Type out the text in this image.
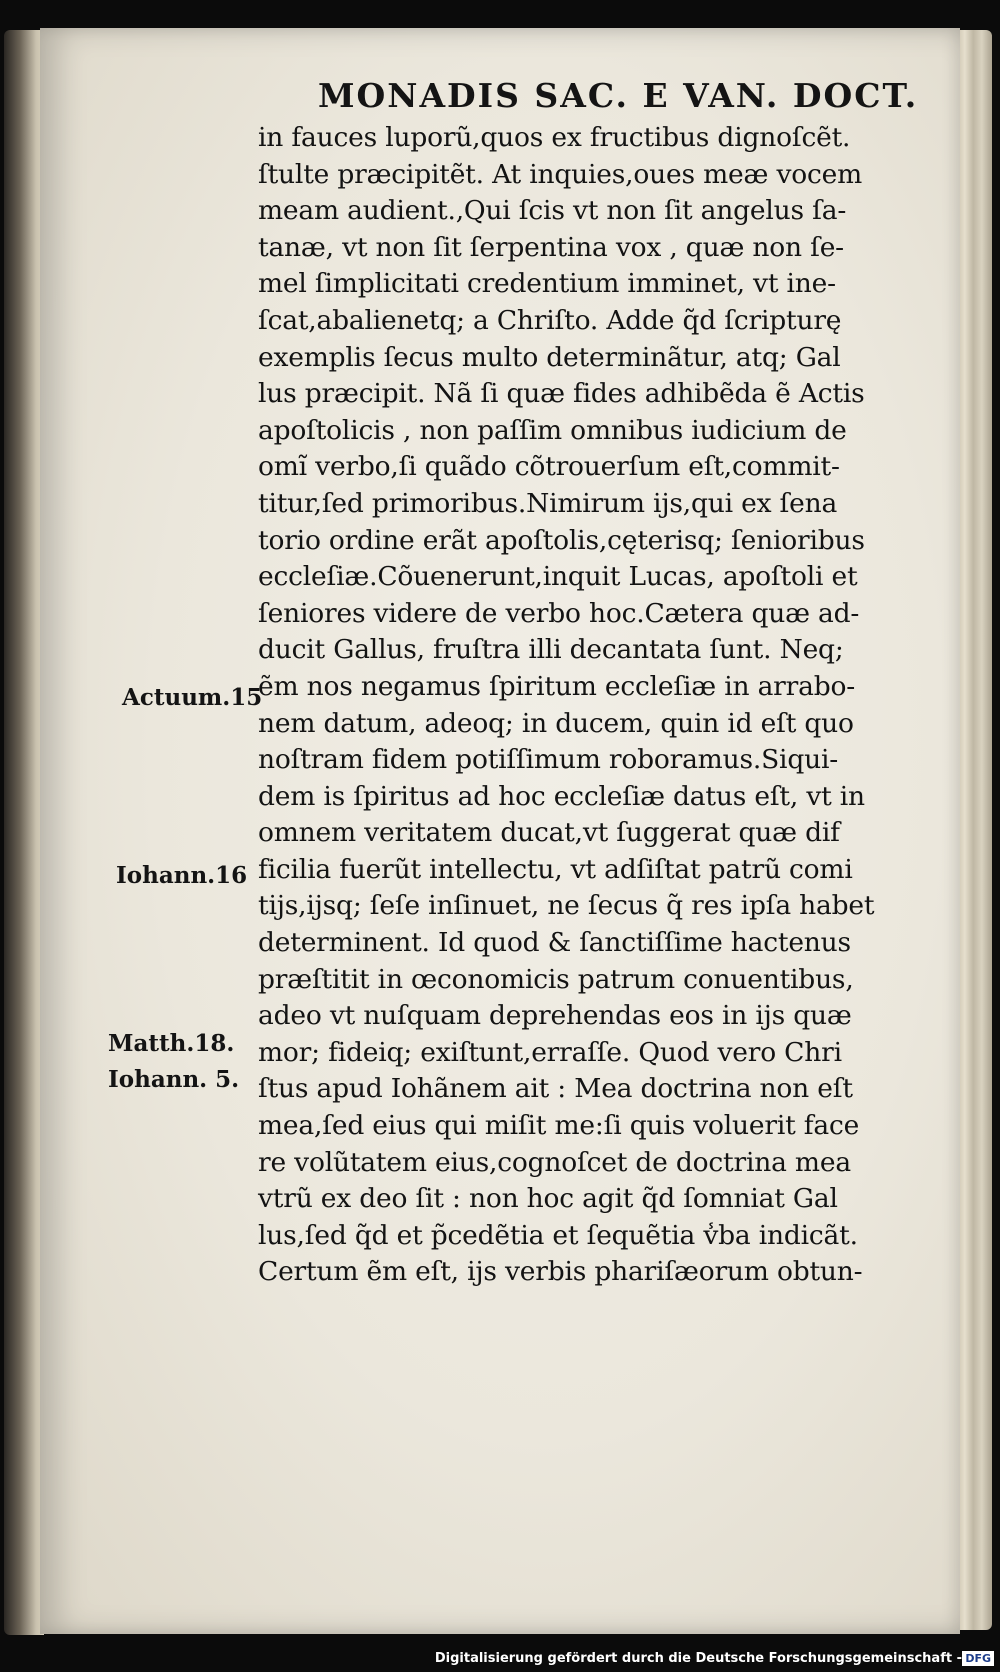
MONADIS SAC. E VAN. DOCT.
in fauces luporũ,quos ex fructibus dignoſcẽt.
ſtulte præcipitẽt. At inquies,oues meæ vocem
meam audient.,Qui ſcis vt non ſit angelus ſa-
tanæ, vt non ſit ſerpentina vox , quæ non ſe-
mel ſimplicitati credentium imminet, vt ine-
ſcat,abalienetq; a Chriſto. Adde q̃d ſcripturę
exemplis ſecus multo determinãtur, atq; Gal
lus præcipit. Nã ſi quæ fides adhibẽda ẽ Actis
apoſtolicis , non paſſim omnibus iudicium de
omĩ verbo,ſi quãdo cõtrouerſum eſt,commit-
titur,ſed primoribus.Nimirum ijs,qui ex ſena
torio ordine erãt apoſtolis,cęterisq; ſenioribus
eccleſiæ.Cõuenerunt,inquit Lucas, apoſtoli et
ſeniores videre de verbo hoc.Cætera quæ ad-
ducit Gallus, fruſtra illi decantata ſunt. Neq;
ẽm nos negamus ſpiritum eccleſiæ in arrabo-
nem datum, adeoq; in ducem, quin id eſt quo
noſtram fidem potiſſimum roboramus.Siqui-
dem is ſpiritus ad hoc eccleſiæ datus eſt, vt in
omnem veritatem ducat,vt ſuggerat quæ dif
ficilia fuerũt intellectu, vt adſiſtat patrũ comi
tijs,ijsq; ſeſe inſinuet, ne ſecus q̃ res ipſa habet
determinent. Id quod & ſanctiſſime hactenus
præſtitit in œconomicis patrum conuentibus,
adeo vt nuſquam deprehendas eos in ijs quæ
mor; fideiq; exiſtunt,erraſſe. Quod vero Chri
ſtus apud Iohãnem ait : Mea doctrina non eſt
mea,ſed eius qui miſit me:ſi quis voluerit face
re volũtatem eius,cognoſcet de doctrina mea
vtrũ ex deo ſit : non hoc agit q̃d ſomniat Gal
lus,ſed q̃d et p̃cedẽtia et ſequẽtia v̾ba indicãt.
Certum ẽm eſt, ijs verbis phariſæorum obtun-
Actuum.15
Iohann.16
Matth.18.
Iohann. 5.
Digitalisierung gefördert durch die Deutsche Forschungsgemeinschaft - DFG
